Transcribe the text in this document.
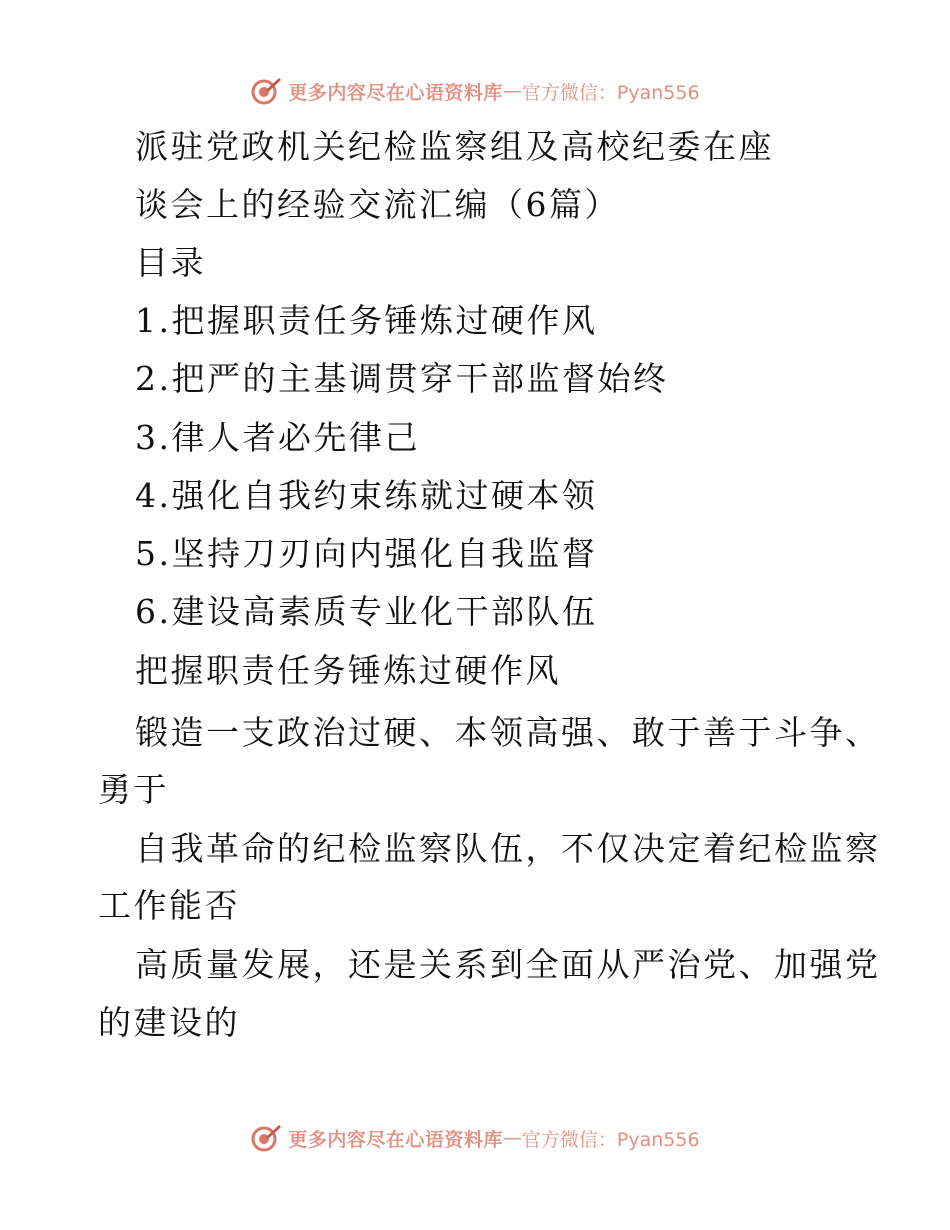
更多内容尽在心语资料库 — 官方微信：Pyan556
派驻党政机关纪检监察组及高校纪委在座
谈会上的经验交流汇编（6篇）
目录
1.把握职责任务锤炼过硬作风
2.把严的主基调贯穿干部监督始终
3.律人者必先律己
4.强化自我约束练就过硬本领
5.坚持刀刃向内强化自我监督
6.建设高素质专业化干部队伍
把握职责任务锤炼过硬作风
锻造一支政治过硬、本领高强、敢于善于斗争、
勇于
自我革命的纪检监察队伍，不仅决定着纪检监察
工作能否
高质量发展，还是关系到全面从严治党、加强党
的建设的
更多内容尽在心语资料库 — 官方微信：Pyan556
